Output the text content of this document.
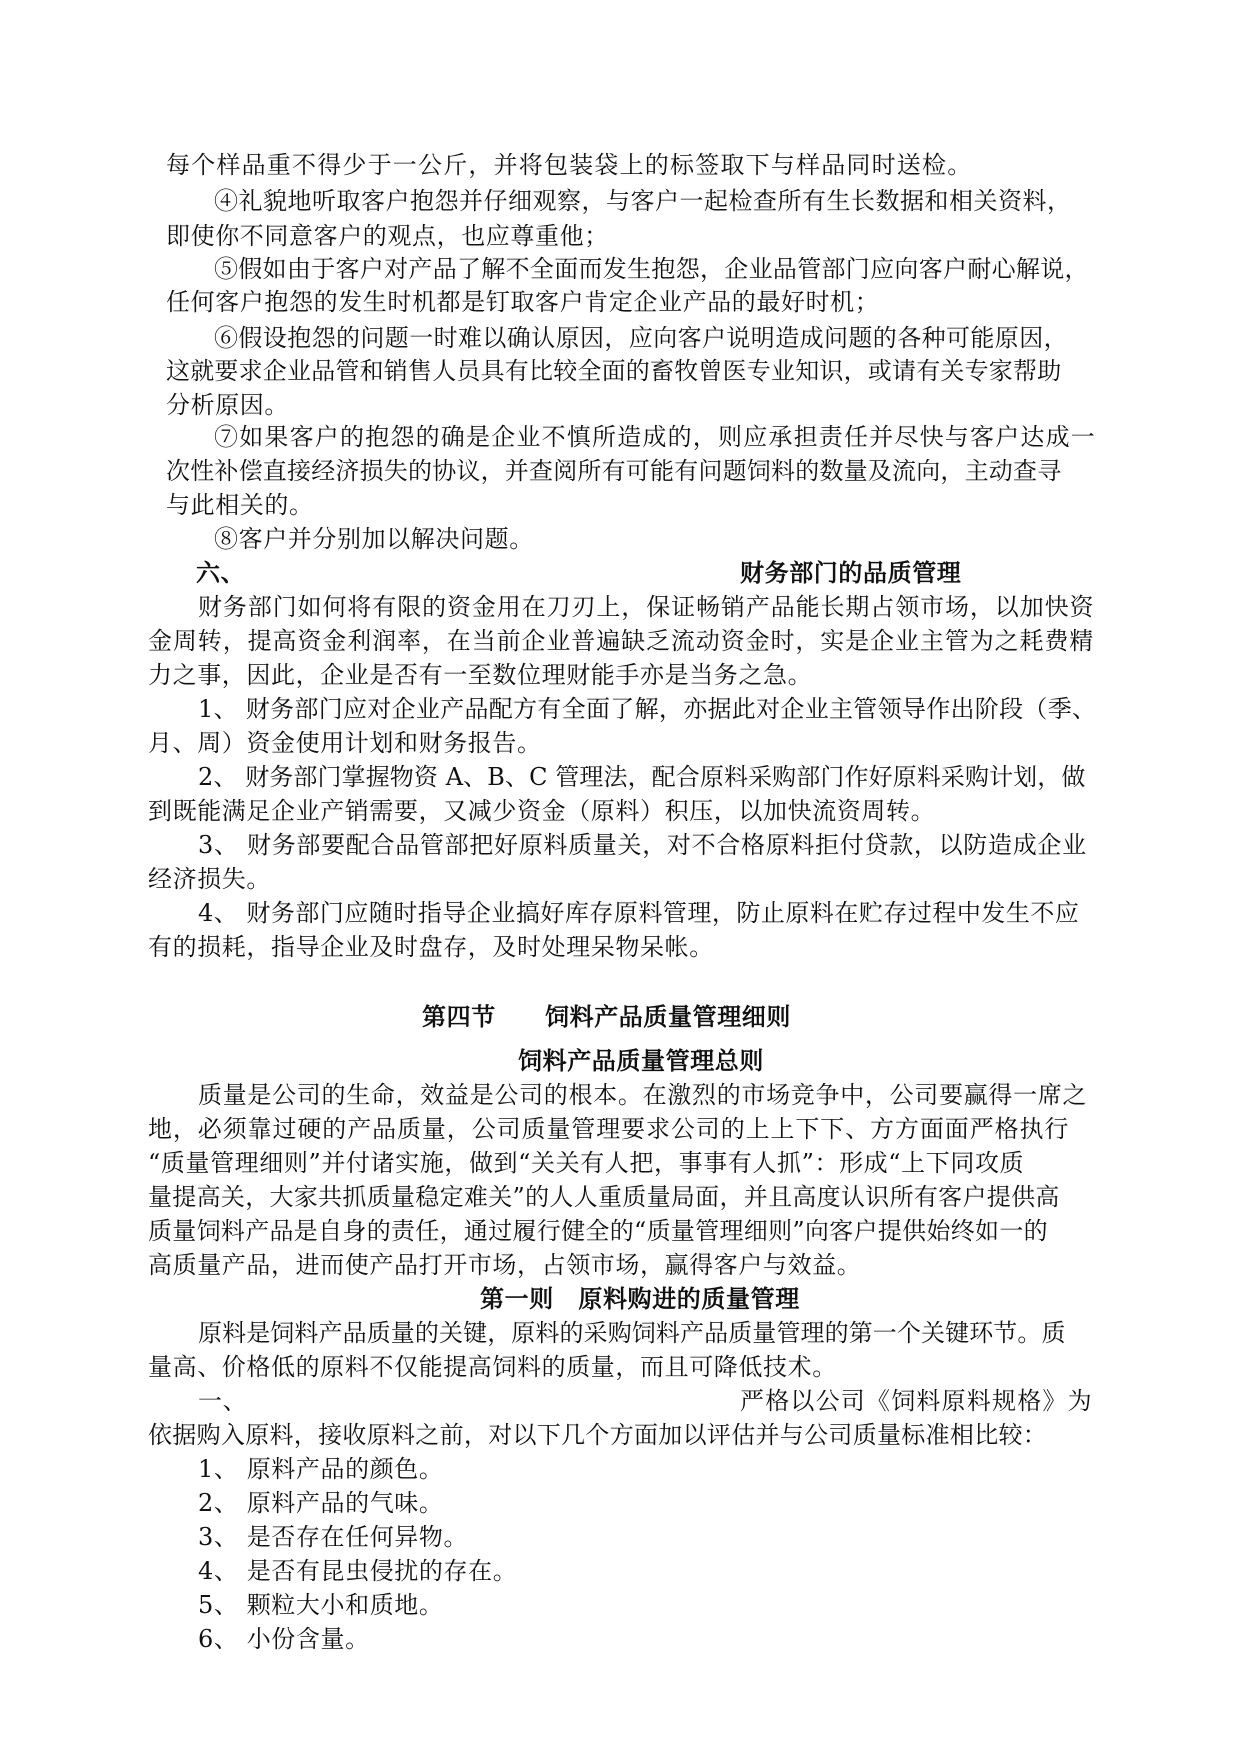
每个样品重不得少于一公斤，并将包装袋上的标签取下与样品同时送检。

④礼貌地听取客户抱怨并仔细观察，与客户一起检查所有生长数据和相关资料，

即使你不同意客户的观点，也应尊重他；

⑤假如由于客户对产品了解不全面而发生抱怨，企业品管部门应向客户耐心解说，

任何客户抱怨的发生时机都是钉取客户肯定企业产品的最好时机；

⑥假设抱怨的问题一时难以确认原因，应向客户说明造成问题的各种可能原因，

这就要求企业品管和销售人员具有比较全面的畜牧曾医专业知识，或请有关专家帮助

分析原因。

⑦如果客户的抱怨的确是企业不慎所造成的，则应承担责任并尽快与客户达成一

次性补偿直接经济损失的协议，并查阅所有可能有问题饲料的数量及流向，主动查寻

与此相关的。

⑧客户并分别加以解决问题。

六、	财务部门的品质管理

财务部门如何将有限的资金用在刀刃上，保证畅销产品能长期占领市场，以加快资

金周转，提高资金利润率，在当前企业普遍缺乏流动资金时，实是企业主管为之耗费精

力之事，因此，企业是否有一至数位理财能手亦是当务之急。

1、 财务部门应对企业产品配方有全面了解，亦据此对企业主管领导作出阶段（季、

月、周）资金使用计划和财务报告。

2、 财务部门掌握物资 A、B、C 管理法，配合原料采购部门作好原料采购计划，做

到既能满足企业产销需要，又减少资金（原料）积压，以加快流资周转。

3、 财务部要配合品管部把好原料质量关，对不合格原料拒付贷款，以防造成企业

经济损失。

4、 财务部门应随时指导企业搞好库存原料管理，防止原料在贮存过程中发生不应

有的损耗，指导企业及时盘存，及时处理呆物呆帐。

第四节　　饲料产品质量管理细则

饲料产品质量管理总则

质量是公司的生命，效益是公司的根本。在激烈的市场竞争中，公司要赢得一席之

地，必须靠过硬的产品质量，公司质量管理要求公司的上上下下、方方面面严格执行

“质量管理细则”并付诸实施，做到“关关有人把，事事有人抓”：形成“上下同攻质

量提高关，大家共抓质量稳定难关”的人人重质量局面，并且高度认识所有客户提供高

质量饲料产品是自身的责任，通过履行健全的“质量管理细则”向客户提供始终如一的

高质量产品，进而使产品打开市场，占领市场，赢得客户与效益。

第一则　原料购进的质量管理

原料是饲料产品质量的关键，原料的采购饲料产品质量管理的第一个关键环节。质

量高、价格低的原料不仅能提高饲料的质量，而且可降低技术。

一、	严格以公司《饲料原料规格》为

依据购入原料，接收原料之前，对以下几个方面加以评估并与公司质量标准相比较：

1、 原料产品的颜色。

2、 原料产品的气味。

3、 是否存在任何异物。

4、 是否有昆虫侵扰的存在。

5、 颗粒大小和质地。

6、 小份含量。
